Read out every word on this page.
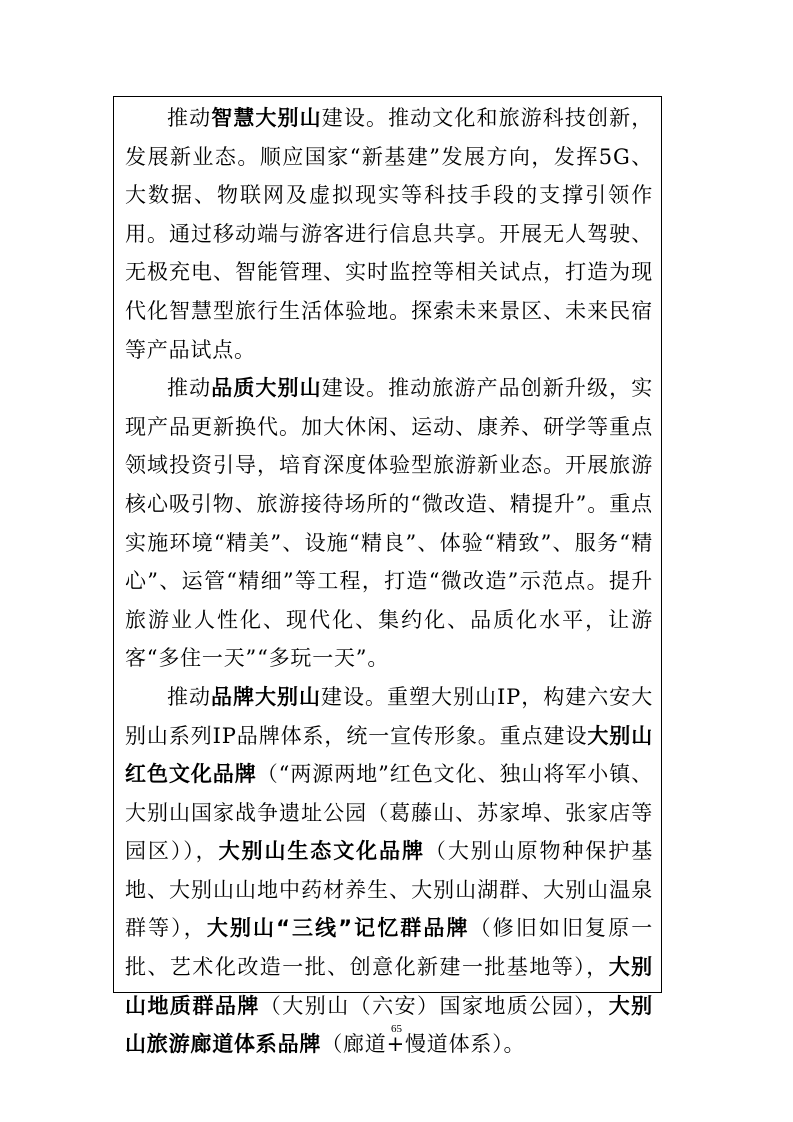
推动智慧大别山建设。推动文化和旅游科技创新，发展新业态。顺应国家“新基建”发展方向，发挥5G、大数据、物联网及虚拟现实等科技手段的支撑引领作用。通过移动端与游客进行信息共享。开展无人驾驶、无极充电、智能管理、实时监控等相关试点，打造为现代化智慧型旅行生活体验地。探索未来景区、未来民宿等产品试点。

推动品质大别山建设。推动旅游产品创新升级，实现产品更新换代。加大休闲、运动、康养、研学等重点领域投资引导，培育深度体验型旅游新业态。开展旅游核心吸引物、旅游接待场所的“微改造、精提升”。重点实施环境“精美”、设施“精良”、体验“精致”、服务“精心”、运管“精细”等工程，打造“微改造”示范点。提升旅游业人性化、现代化、集约化、品质化水平，让游客“多住一天”“多玩一天”。

推动品牌大别山建设。重塑大别山IP，构建六安大别山系列IP品牌体系，统一宣传形象。重点建设大别山红色文化品牌（“两源两地”红色文化、独山将军小镇、大别山国家战争遗址公园（葛藤山、苏家埠、张家店等园区）），大别山生态文化品牌（大别山原物种保护基地、大别山山地中药材养生、大别山湖群、大别山温泉群等），大别山“三线”记忆群品牌（修旧如旧复原一批、艺术化改造一批、创意化新建一批基地等），大别山地质群品牌（大别山（六安）国家地质公园），大别山旅游廊道体系品牌（廊道+慢道体系）。

65
